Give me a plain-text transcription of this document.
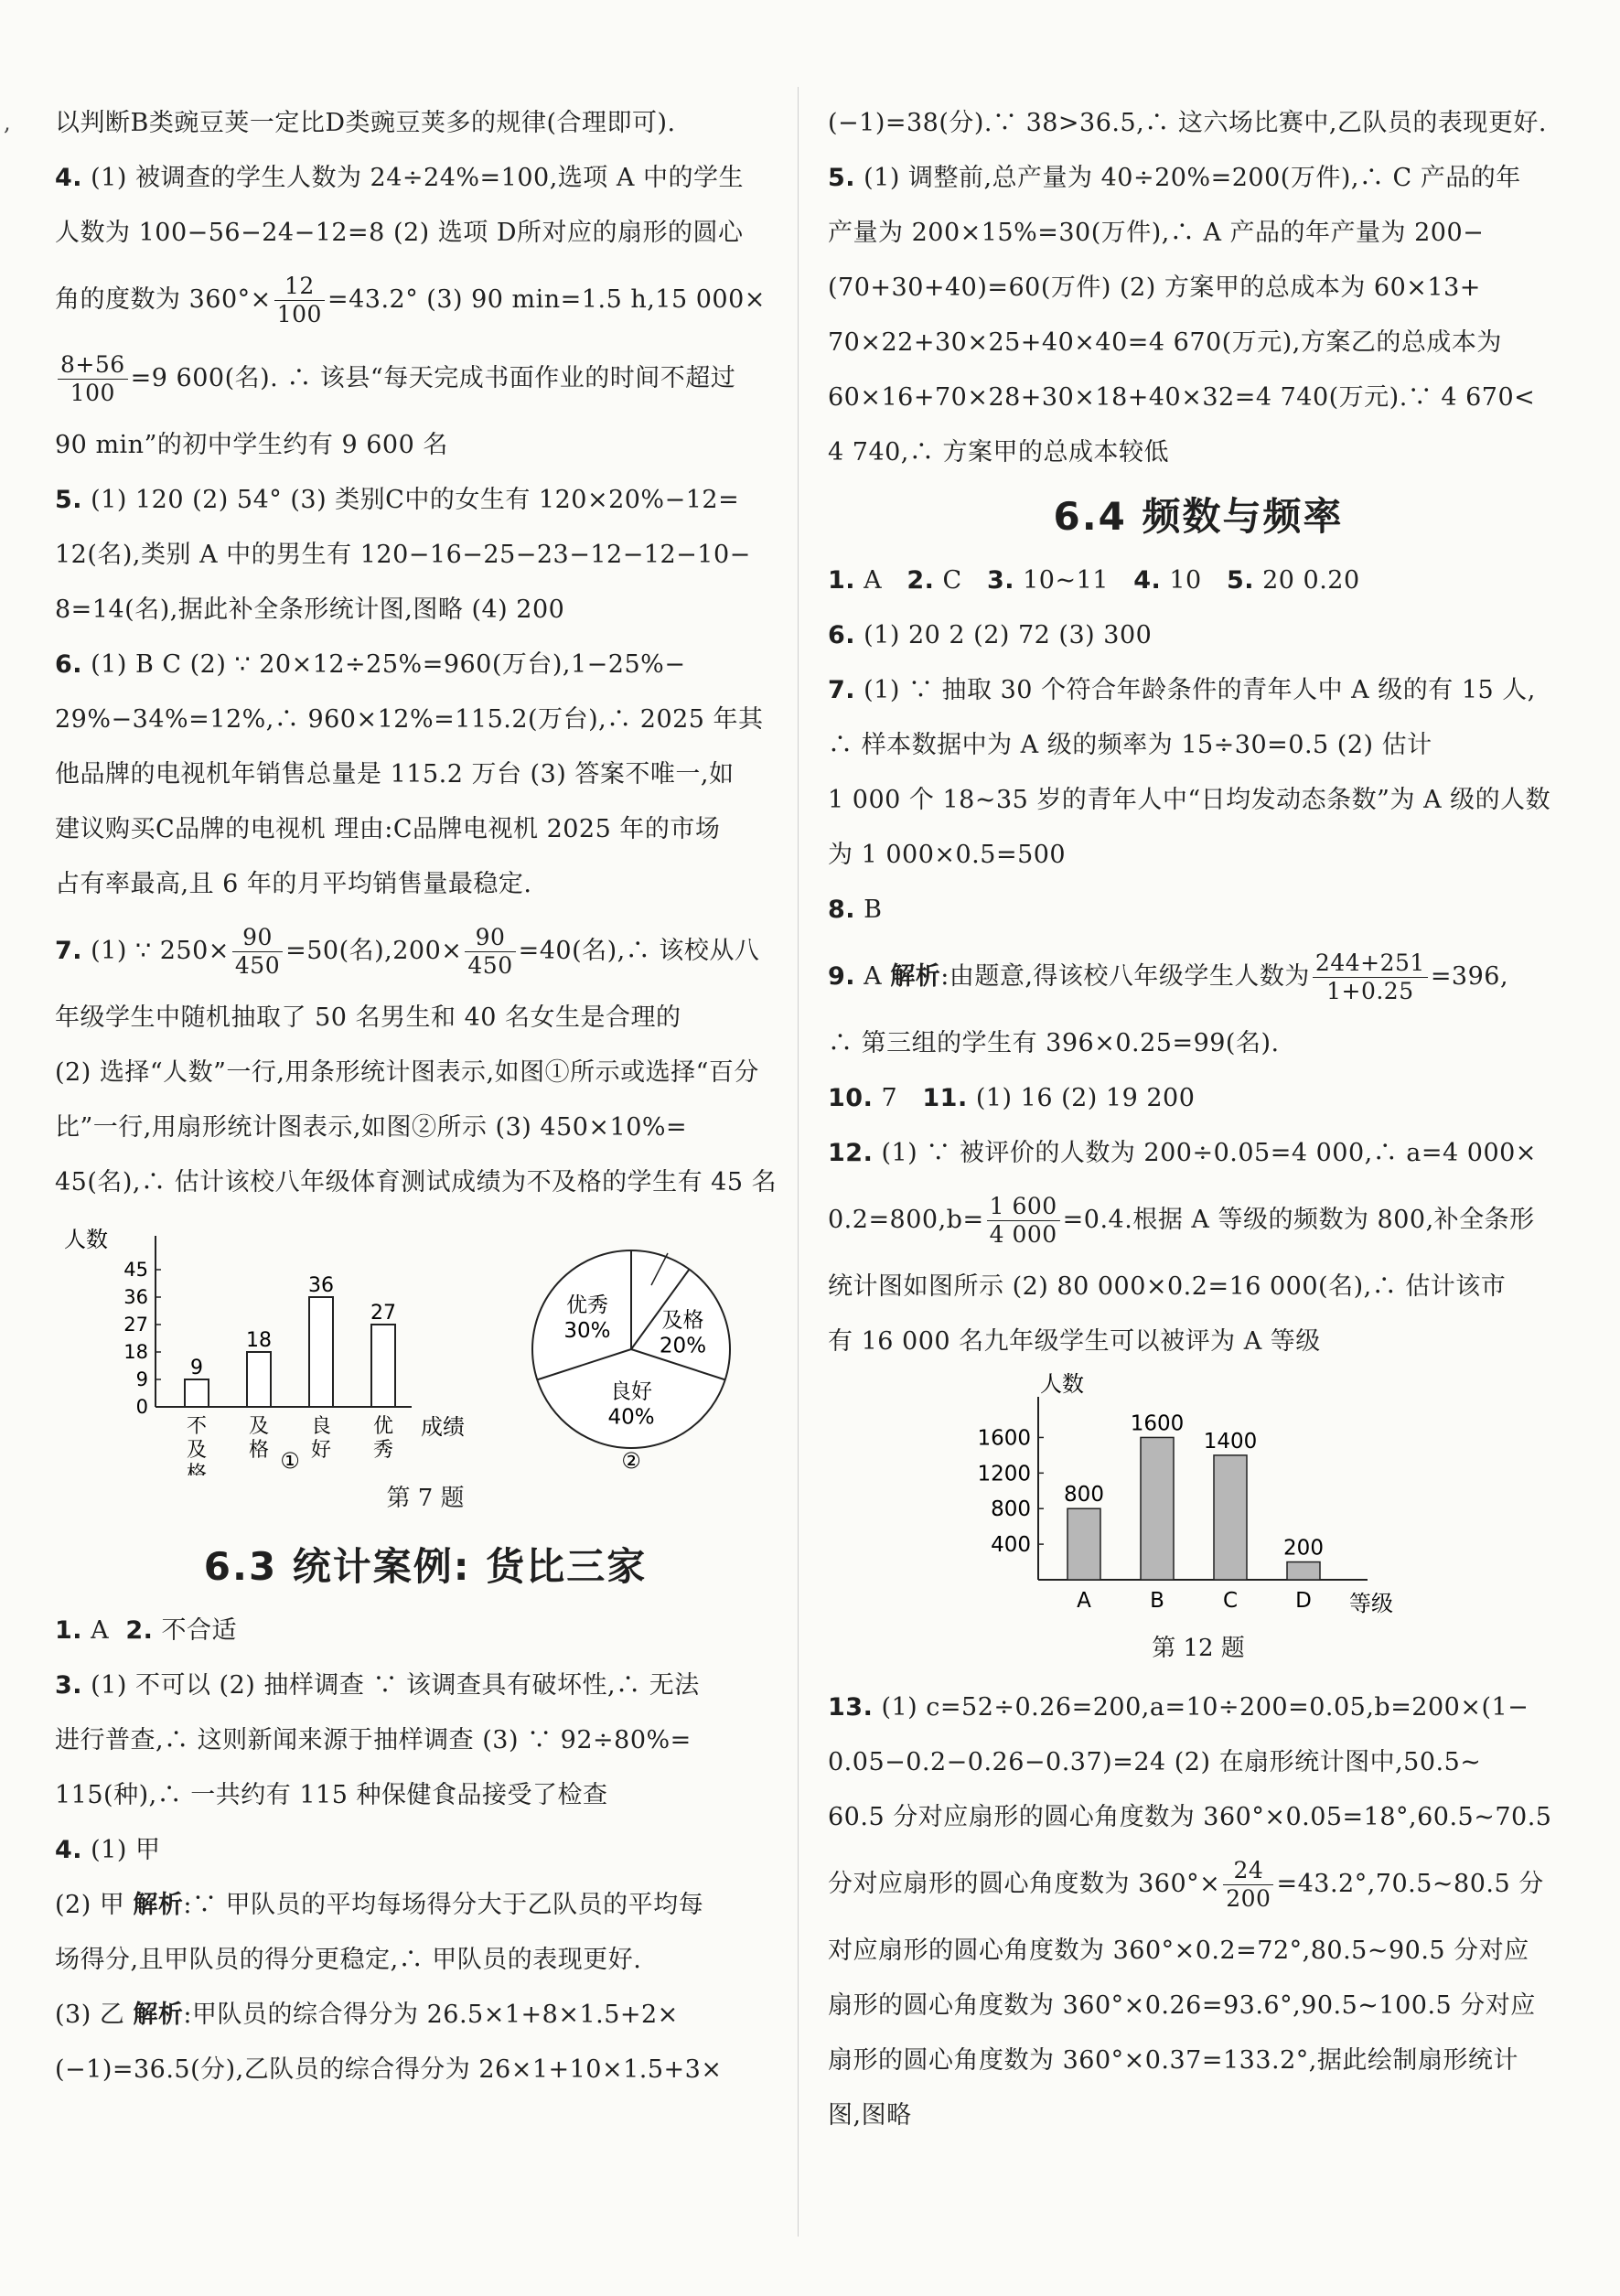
, 以判断B类豌豆荚一定比D类豌豆荚多的规律(合理即可).
4. (1) 被调查的学生人数为 24÷24%=100,选项 A 中的学生
人数为 100−56−24−12=8 (2) 选项 D所对应的扇形的圆心
角的度数为 $360^\circ\times \frac{12}{100} =43.2^\circ$ (3) 90 min=1.5 h,15 000×
$\frac{8+56}{100} =9$ 600(名). ∴ 该县“每天完成书面作业的时间不超过
90 min”的初中学生约有 9 600 名
5. (1) 120 (2) 54° (3) 类别C中的女生有 120×20%−12=
12(名),类别 A 中的男生有 120−16−25−23−12−12−10−
8=14(名),据此补全条形统计图,图略 (4) 200
6. (1) B C (2) ∵ 20×12÷25%=960(万台),1−25%−
29%−34%=12%,∴ 960×12%=115.2(万台),∴ 2025 年其
他品牌的电视机年销售总量是 115.2 万台 (3) 答案不唯一,如
建议购买C品牌的电视机 理由:C品牌电视机 2025 年的市场
占有率最高,且 6 年的月平均销售量最稳定.
7. (1) ∵ $250\times \frac{90}{450} =50$(名)$,200\times \frac{90}{450} =40$(名),∴ 该校从八
年级学生中随机抽取了 50 名男生和 40 名女生是合理的
(2) 选择“人数”一行,用条形统计图表示,如图①所示或选择“百分
比”一行,用扇形统计图表示,如图②所示 (3) 450×10%=
45(名),∴ 估计该校八年级体育测试成绩为不及格的学生有 45 名
人数
0
9
18
27
36
45
9
不
及
格
18
及
格
36
良
好
27
优
秀
成绩
①
及格
20%
良好
40%
优秀
30%
②
第 7 题
6.3 统计案例: 货比三家
1. A 2. 不合适
3. (1) 不可以 (2) 抽样调查 ∵ 该调查具有破坏性,∴ 无法
进行普查,∴ 这则新闻来源于抽样调查 (3) ∵ 92÷80%=
115(种),∴ 一共约有 115 种保健食品接受了检查
4. (1) 甲
(2) 甲 解析:∵ 甲队员的平均每场得分大于乙队员的平均每
场得分,且甲队员的得分更稳定,∴ 甲队员的表现更好.
(3) 乙 解析:甲队员的综合得分为 26.5×1+8×1.5+2×
(−1)=36.5(分),乙队员的综合得分为 26×1+10×1.5+3×
(−1)=38(分).∵ 38>36.5,∴ 这六场比赛中,乙队员的表现更好.
5. (1) 调整前,总产量为 40÷20%=200(万件),∴ C 产品的年
产量为 200×15%=30(万件),∴ A 产品的年产量为 200−
(70+30+40)=60(万件) (2) 方案甲的总成本为 60×13+
70×22+30×25+40×40=4 670(万元),方案乙的总成本为
60×16+70×28+30×18+40×32=4 740(万元).∵ 4 670<
4 740,∴ 方案甲的总成本较低
6.4 频数与频率
1. A 2. C 3. 10~11 4. 10 5. 20 0.20
6. (1) 20 2 (2) 72 (3) 300
7. (1) ∵ 抽取 30 个符合年龄条件的青年人中 A 级的有 15 人,
∴ 样本数据中为 A 级的频率为 15÷30=0.5 (2) 估计
1 000 个 18~35 岁的青年人中“日均发动态条数”为 A 级的人数
为 1 000×0.5=500
8. B
9. A 解析:由题意,得该校八年级学生人数为 $\frac{244+251}{1+0.25} =396$,
∴ 第三组的学生有 396×0.25=99(名).
10. 7 11. (1) 16 (2) 19 200
12. (1) ∵ 被评价的人数为 200÷0.05=4 000,∴ a=4 000×
$0.2=800,b= \frac{1 600}{4 000} =0.4$.根据 A 等级的频数为 800,补全条形
统计图如图所示 (2) 80 000×0.2=16 000(名),∴ 估计该市
有 16 000 名九年级学生可以被评为 A 等级
人数
400
800
1200
1600
800
A
1600
B
1400
C
200
D 等级
第 12 题
13. (1) c=52÷0.26=200,a=10÷200=0.05,b=200×(1−
0.05−0.2−0.26−0.37)=24 (2) 在扇形统计图中,50.5~
60.5 分对应扇形的圆心角度数为 360°×0.05=18°,60.5~70.5
分对应扇形的圆心角度数为 $360^\circ\times \frac{24}{200}$ =43.2°,70.5~80.5 分
对应扇形的圆心角度数为 360°×0.2=72°,80.5~90.5 分对应
扇形的圆心角度数为 360°×0.26=93.6°,90.5~100.5 分对应
扇形的圆心角度数为 360°×0.37=133.2°,据此绘制扇形统计
图,图略
